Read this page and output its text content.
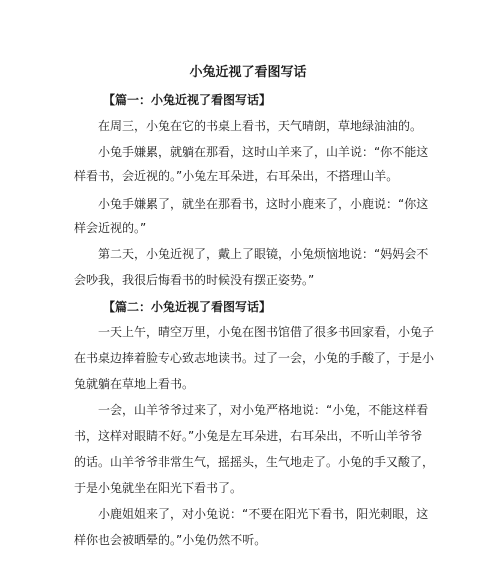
小兔近视了看图写话
【篇一：小兔近视了看图写话】
在周三，小兔在它的书桌上看书，天气晴朗，草地绿油油的。
小兔手嫌累，就躺在那看，这时山羊来了，山羊说：“你不能这
样看书，会近视的。”小兔左耳朵进，右耳朵出，不搭理山羊。
小兔手嫌累了，就坐在那看书，这时小鹿来了，小鹿说：“你这
样会近视的。”
第二天，小兔近视了，戴上了眼镜，小兔烦恼地说：“妈妈会不
会吵我，我很后悔看书的时候没有摆正姿势。”
【篇二：小兔近视了看图写话】
一天上午，晴空万里，小兔在图书馆借了很多书回家看，小兔子
在书桌边捧着脸专心致志地读书。过了一会，小兔的手酸了，于是小
兔就躺在草地上看书。
一会，山羊爷爷过来了，对小兔严格地说：“小兔，不能这样看
书，这样对眼睛不好。”小兔是左耳朵进，右耳朵出，不听山羊爷爷
的话。山羊爷爷非常生气，摇摇头，生气地走了。小兔的手又酸了，
于是小兔就坐在阳光下看书了。
小鹿姐姐来了，对小兔说：“不要在阳光下看书，阳光刺眼，这
样你也会被晒晕的。”小兔仍然不听。
